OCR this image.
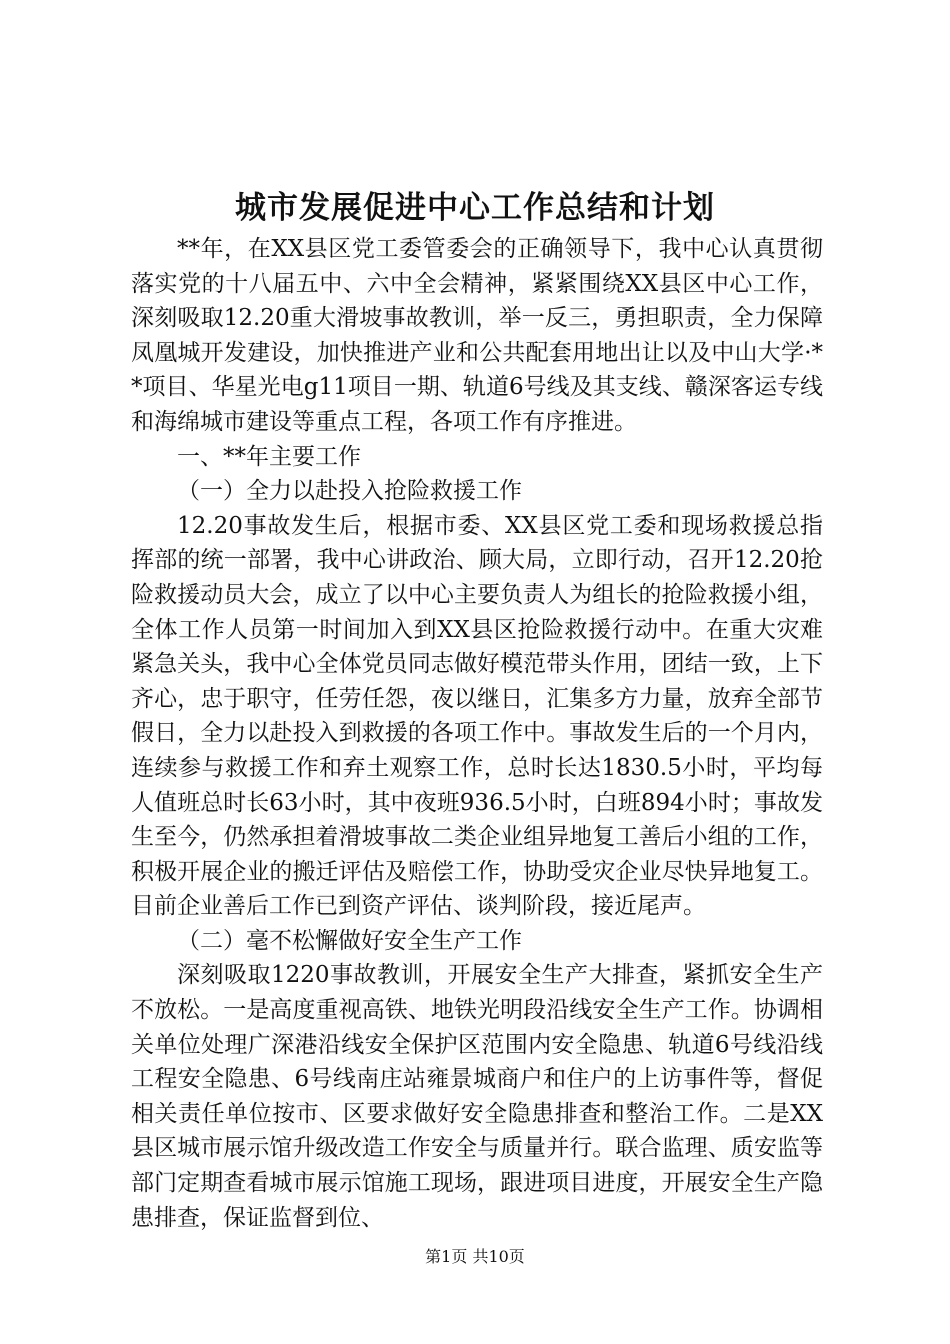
城市发展促进中心工作总结和计划

**年，在XX县区党工委管委会的正确领导下，我中心认真贯彻落实党的十八届五中、六中全会精神，紧紧围绕XX县区中心工作，深刻吸取12.20重大滑坡事故教训，举一反三，勇担职责，全力保障凤凰城开发建设，加快推进产业和公共配套用地出让以及中山大学·**项目、华星光电g11项目一期、轨道6号线及其支线、赣深客运专线和海绵城市建设等重点工程，各项工作有序推进。

一、**年主要工作

（一）全力以赴投入抢险救援工作

12.20事故发生后，根据市委、XX县区党工委和现场救援总指挥部的统一部署，我中心讲政治、顾大局，立即行动，召开12.20抢险救援动员大会，成立了以中心主要负责人为组长的抢险救援小组，全体工作人员第一时间加入到XX县区抢险救援行动中。在重大灾难紧急关头，我中心全体党员同志做好模范带头作用，团结一致，上下齐心，忠于职守，任劳任怨，夜以继日，汇集多方力量，放弃全部节假日，全力以赴投入到救援的各项工作中。事故发生后的一个月内，连续参与救援工作和弃土观察工作，总时长达1830.5小时，平均每人值班总时长63小时，其中夜班936.5小时，白班894小时；事故发生至今，仍然承担着滑坡事故二类企业组异地复工善后小组的工作，积极开展企业的搬迁评估及赔偿工作，协助受灾企业尽快异地复工。目前企业善后工作已到资产评估、谈判阶段，接近尾声。

（二）毫不松懈做好安全生产工作

深刻吸取1220事故教训，开展安全生产大排查，紧抓安全生产不放松。一是高度重视高铁、地铁光明段沿线安全生产工作。协调相关单位处理广深港沿线安全保护区范围内安全隐患、轨道6号线沿线工程安全隐患、6号线南庄站雍景城商户和住户的上访事件等，督促相关责任单位按市、区要求做好安全隐患排查和整治工作。二是XX县区城市展示馆升级改造工作安全与质量并行。联合监理、质安监等部门定期查看城市展示馆施工现场，跟进项目进度，开展安全生产隐患排查，保证监督到位、

第1页 共10页
